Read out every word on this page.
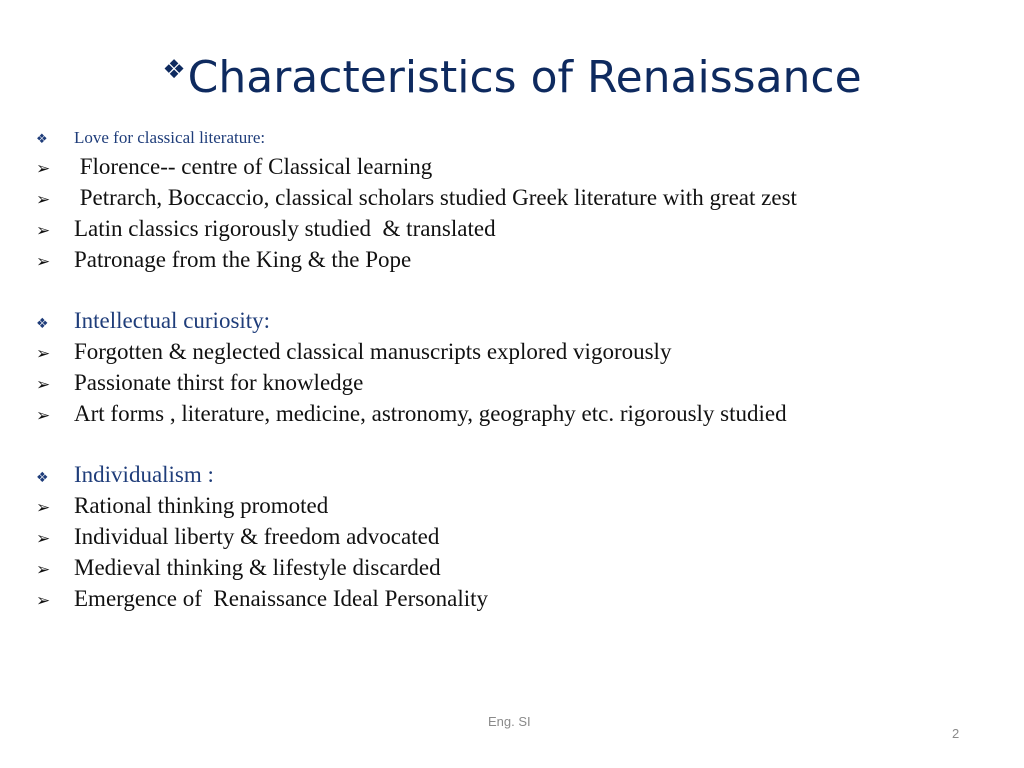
❖Characteristics of Renaissance
❖	Love for classical literature:
➢	Florence-- centre of Classical learning
➢	Petrarch, Boccaccio, classical scholars studied Greek literature with great zest
➢	Latin classics rigorously studied  & translated
➢	Patronage from the King & the Pope
❖	Intellectual curiosity:
➢	Forgotten & neglected classical manuscripts explored vigorously
➢	Passionate thirst for knowledge
➢	Art forms , literature, medicine, astronomy, geography etc. rigorously studied
❖	Individualism :
➢	Rational thinking promoted
➢	Individual liberty & freedom advocated
➢	Medieval thinking & lifestyle discarded
➢	Emergence of  Renaissance Ideal Personality
Eng. SI
2
